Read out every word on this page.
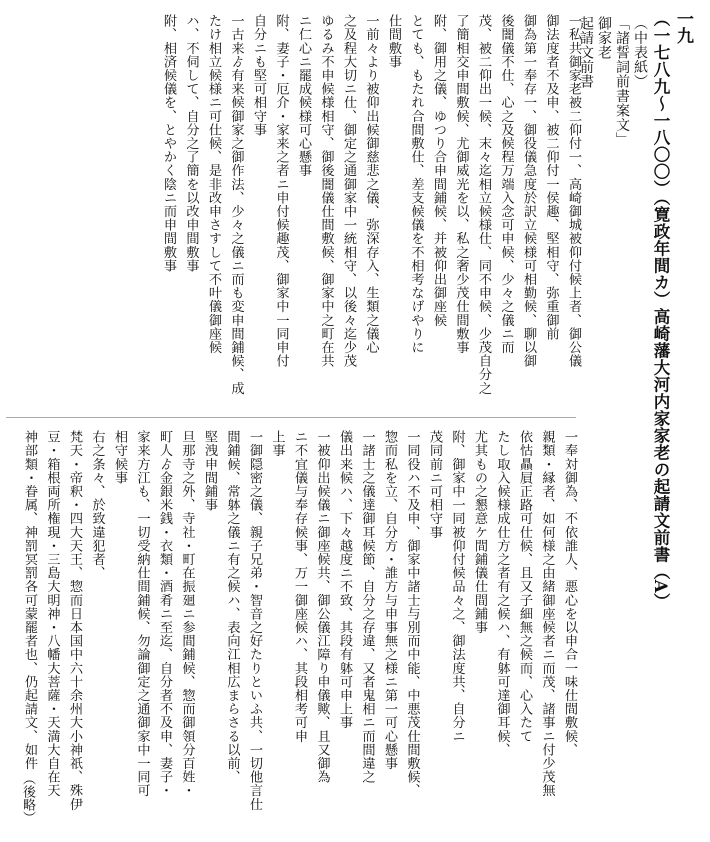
一九
（一七八九〜一八〇〇）（寛政年間カ）高崎藩大河内家家老の起請文前書（A）
（中表紙）
「諸誓詞前書案文」
御家老
起請文前書
一私共御家老被二仰付一、高崎御城被仰付候上者、御公儀
御法度者不及申、被二仰付一侯趣、堅相守、弥重御前
御為第一奉存一、御役儀急度於訳立候様可相勤候、聊以御
後闇儀不仕、心之及候程万端入念可申候、少々之儀ニ而
茂、被二仰出一候、末々迄相立候様仕、同不申候、少茂自分之
了簡相交申間敷候、尤御威光を以、私之奢少茂仕間敷事
附、御用之儀、ゆつり合申間鋪候、并被仰出御座候
とても、もたれ合間敷仕、差支候儀を不相考なげやりに
仕間敷事
一前々より被仰出候御慈悲之儀、弥深存入、生類之儀心
之及程大切ニ仕、御定之通御家中一統相守、以後々迄少茂
ゆるみ不申候様相守、御後闇儀仕間敷候、御家中之町在共
ニ仁心ニ罷成候様可心懸事
附、妻子・厄介・家来之者ニ申付候趣茂、御家中一同申付
自分ニも堅可相守事
一古来ゟ有来候御家之御作法、少々之儀ニ而も変申間鋪候、成
たけ相立候様ニ可仕候、是非改申さすして不叶儀御座候
ハ、不伺して、自分之了簡を以改申間敷事
附、相済候儀を、とやかく陰ニ而申間敷事
一奉対御為、不依誰人、悪心を以申合一味仕間敷候、
親類・縁者、如何様之由緒御座候者ニ而茂、諸事ニ付少茂無
依怙贔屓正路可仕候、且又子細無之候而、心入たて
たし取入候様成仕方之者有之候ハ、有躰可達御耳候、
尤其もの之懇意ケ間鋪儀仕間鋪事
附、御家中一同被仰付候品々之、御法度共、自分ニ
茂同前ニ可相守事
一同役ハ不及申、御家中諸士与別而中能、中悪茂仕間敷候、
惣而私を立、自分方・誰方与申事無之様ニ第一可心懸事
一諸士之儀達御耳候節、自分之存違、又者鬼相ニ而間違之
儀出来候ハ、下々越度ニ不致、其段有躰可申上事
一被仰出候儀ニ御座候共、御公儀江障り申儀歟、且又御為
ニ不宜儀与奉存候事、万一御座候ハ、其段相考可申
上事
一御隠密之儀、親子兄弟・智音之好たりといふ共、一切他言仕
間鋪候、常躰之儀ニ有之候ハ、表向江相広まらさる以前、
堅洩申間鋪事
旦那寺之外、寺社・町在振廻ニ参間鋪候、惣而御領分百姓・
町人ゟ金銀米銭・衣類・酒肴ニ至迄、自分者不及申、妻子・
家来方江も、一切受納仕間鋪候、勿論御定之通御家中一同可
相守候事
右之条々、於致違犯者、
梵天・帝釈・四大天王、惣而日本国中六十余州大小神祇、殊伊
豆・箱根両所権現・三島大明神・八幡大菩薩・天満大自在天
神部類・眷属、神罰冥罰各可蒙罷者也、仍起請文、如件
（後略）
